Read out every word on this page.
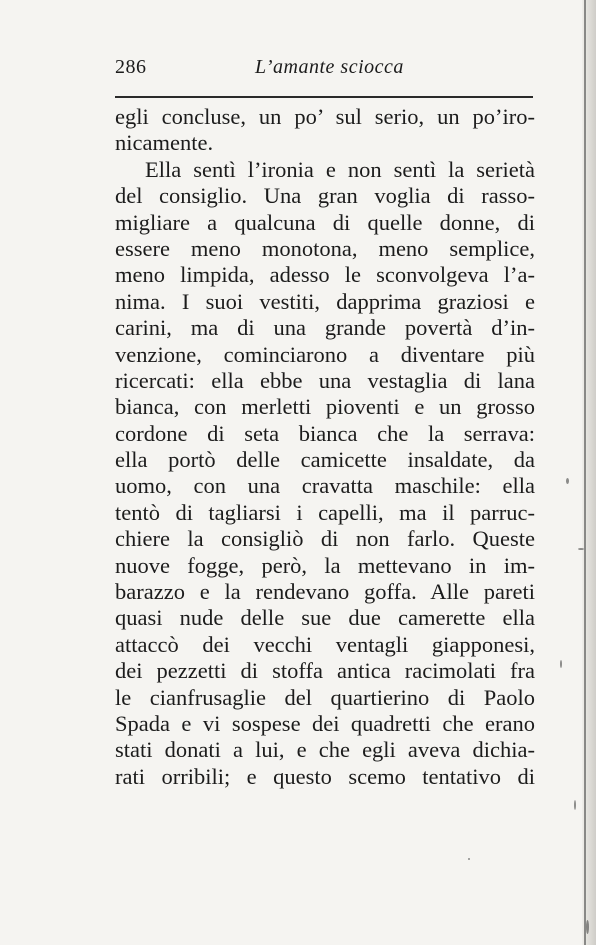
286	L’amante sciocca
egli concluse, un po’ sul serio, un po’iro-
nicamente.
Ella sentì l’ironia e non sentì la serietà
del consiglio. Una gran voglia di rasso-
migliare a qualcuna di quelle donne, di
essere meno monotona, meno semplice,
meno limpida, adesso le sconvolgeva l’a-
nima. I suoi vestiti, dapprima graziosi e
carini, ma di una grande povertà d’in-
venzione, cominciarono a diventare più
ricercati: ella ebbe una vestaglia di lana
bianca, con merletti pioventi e un grosso
cordone di seta bianca che la serrava:
ella portò delle camicette insaldate, da
uomo, con una cravatta maschile: ella
tentò di tagliarsi i capelli, ma il parruc-
chiere la consigliò di non farlo. Queste
nuove fogge, però, la mettevano in im-
barazzo e la rendevano goffa. Alle pareti
quasi nude delle sue due camerette ella
attaccò dei vecchi ventagli giapponesi,
dei pezzetti di stoffa antica racimolati fra
le cianfrusaglie del quartierino di Paolo
Spada e vi sospese dei quadretti che erano
stati donati a lui, e che egli aveva dichia-
rati orribili; e questo scemo tentativo di
